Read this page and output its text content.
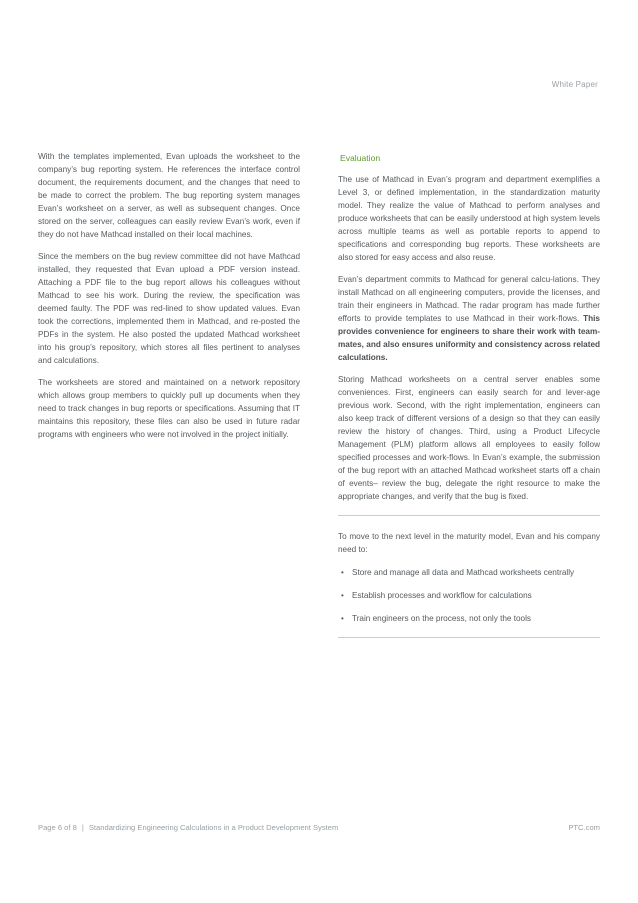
White Paper

With the templates implemented, Evan uploads the worksheet to the company’s bug reporting system. He references the interface control document, the requirements document, and the changes that need to be made to correct the problem. The bug reporting system manages Evan’s worksheet on a server, as well as subsequent changes. Once stored on the server, colleagues can easily review Evan’s work, even if they do not have Mathcad installed on their local machines.

Since the members on the bug review committee did not have Mathcad installed, they requested that Evan upload a PDF version instead. Attaching a PDF file to the bug report allows his colleagues without Mathcad to see his work. During the review, the specification was deemed faulty. The PDF was red-lined to show updated values. Evan took the corrections, implemented them in Mathcad, and re-posted the PDFs in the system. He also posted the updated Mathcad worksheet into his group’s repository, which stores all files pertinent to analyses and calculations.

The worksheets are stored and maintained on a network repository which allows group members to quickly pull up documents when they need to track changes in bug reports or specifications. Assuming that IT maintains this repository, these files can also be used in future radar programs with engineers who were not involved in the project initially.

Evaluation

The use of Mathcad in Evan’s program and department exemplifies a Level 3, or defined implementation, in the standardization maturity model. They realize the value of Mathcad to perform analyses and produce worksheets that can be easily understood at high system levels across multiple teams as well as portable reports to append to specifications and corresponding bug reports. These worksheets are also stored for easy access and also reuse.

Evan’s department commits to Mathcad for general calcu-lations. They install Mathcad on all engineering computers, provide the licenses, and train their engineers in Mathcad. The radar program has made further efforts to provide templates to use Mathcad in their work-flows. This provides convenience for engineers to share their work with team-mates, and also ensures uniformity and consistency across related calculations.

Storing Mathcad worksheets on a central server enables some conveniences. First, engineers can easily search for and lever-age previous work. Second, with the right implementation, engineers can also keep track of different versions of a design so that they can easily review the history of changes. Third, using a Product Lifecycle Management (PLM) platform allows all employees to easily follow specified processes and work-flows. In Evan’s example, the submission of the bug report with an attached Mathcad worksheet starts off a chain of events– review the bug, delegate the right resource to make the appropriate changes, and verify that the bug is fixed.

To move to the next level in the maturity model, Evan and his company need to:

• Store and manage all data and Mathcad worksheets centrally
• Establish processes and workflow for calculations
• Train engineers on the process, not only the tools
Page 6 of 8 | Standardizing Engineering Calculations in a Product Development System	PTC.com
